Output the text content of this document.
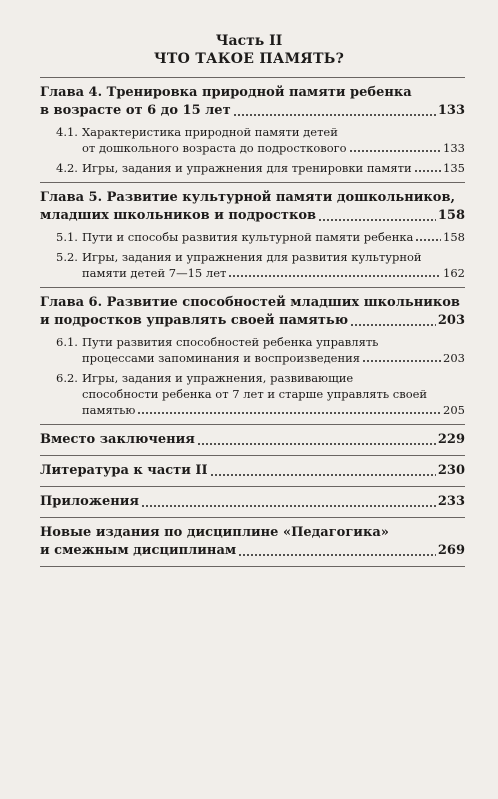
Часть II
ЧТО ТАКОЕ ПАМЯТЬ?
Глава 4. Тренировка природной памяти ребенка
в возрасте от 6 до 15 лет	133
4.1. Характеристика природной памяти детей
от дошкольного возраста до подросткового	133
4.2. Игры, задания и упражнения для тренировки памяти	135
Глава 5. Развитие культурной памяти дошкольников,
младших школьников и подростков	158
5.1. Пути и способы развития культурной памяти ребенка	158
5.2. Игры, задания и упражнения для развития культурной
памяти детей 7—15 лет	162
Глава 6. Развитие способностей младших школьников
и подростков управлять своей памятью	203
6.1. Пути развития способностей ребенка управлять
процессами запоминания и воспроизведения	203
6.2. Игры, задания и упражнения, развивающие
способности ребенка от 7 лет и старше управлять своей
памятью	205
Вместо заключения	229
Литература к части II	230
Приложения	233
Новые издания по дисциплине «Педагогика»
и смежным дисциплинам	269
